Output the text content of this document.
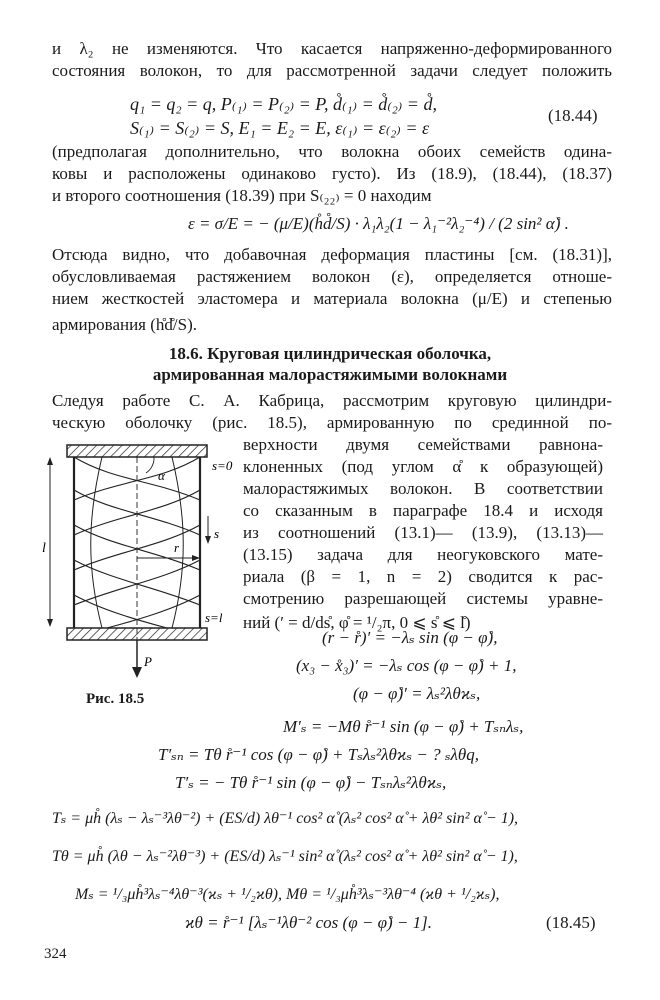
и λ₂ не изменяются. Что касается напряженно-деформированного
состояния волокон, то для рассмотренной задачи следует положить
q₁ = q₂ = q, P₍₁₎ = P₍₂₎ = P, d̊₍₁₎ = d̊₍₂₎ = d̊,
S₍₁₎ = S₍₂₎ = S, E₁ = E₂ = E, ε₍₁₎ = ε₍₂₎ = ε
(18.44)
(предполагая дополнительно, что волокна обоих семейств одина-
ковы и расположены одинаково густо). Из (18.9), (18.44), (18.37)
и второго соотношения (18.39) при S₍₂₂₎ = 0 находим
ε = σ/E = − (μ/E)(h̊d̊/S) · λ₁λ₂(1 − λ₁⁻²λ₂⁻⁴) / (2 sin² α̊) .
Отсюда видно, что добавочная деформация пластины [см. (18.31)],
обусловливаемая растяжением волокон (ε), определяется отноше-
нием жесткостей эластомера и материала волокна (μ/E) и степенью
армирования (h̊d̊/S).
18.6. Круговая цилиндрическая оболочка,
армированная малорастяжимыми волокнами
Следуя работе С. А. Кабрица, рассмотрим круговую цилиндри-
ческую оболочку (рис. 18.5), армированную по срединной по-
верхности двумя семействами равнона-
клоненных (под углом α̊ к образующей)
малорастяжимых волокон. В соответствии
со сказанным в параграфе 18.4 и исходя
из соотношений (13.1)— (13.9), (13.13)—
(13.15) задача для неогуковского мате-
риала (β = 1, n = 2) сводится к рас-
смотрению разрешающей системы уравне-
ний (′ = d/ds̊, φ̊ = ¹/₂π, 0 ⩽ s̊ ⩽ l̊)
s=0
s=l
s
r
α
l
P
Рис. 18.5
(r − r̊)′ = −λₛ sin (φ − φ̊),
(x₃ − x̊₃)′ = −λₛ cos (φ − φ̊) + 1,
(φ − φ̊)′ = λₛ²λθϰₛ,
M′ₛ = −Mθ r̊⁻¹ sin (φ − φ̊) + Tₛₙλₛ,
T′ₛₙ = Tθ r̊⁻¹ cos (φ − φ̊) + Tₛλₛ²λθϰₛ − ? ₛλθq,
T′ₛ = − Tθ r̊⁻¹ sin (φ − φ̊) − Tₛₙλₛ²λθϰₛ,
Tₛ = μh̊ (λₛ − λₛ⁻³λθ⁻²) + (ES/d) λθ⁻¹ cos² α̊ (λₛ² cos² α̊ + λθ² sin² α̊ − 1),
Tθ = μh̊ (λθ − λₛ⁻²λθ⁻³) + (ES/d) λₛ⁻¹ sin² α̊ (λₛ² cos² α̊ + λθ² sin² α̊ − 1),
Mₛ = ¹/₃μh̊³λₛ⁻⁴λθ⁻³(ϰₛ + ¹/₂ϰθ), Mθ = ¹/₃μh̊³λₛ⁻³λθ⁻⁴ (ϰθ + ¹/₂ϰₛ),
ϰθ = r̊⁻¹ [λₛ⁻¹λθ⁻² cos (φ − φ̊) − 1].	(18.45)
324
